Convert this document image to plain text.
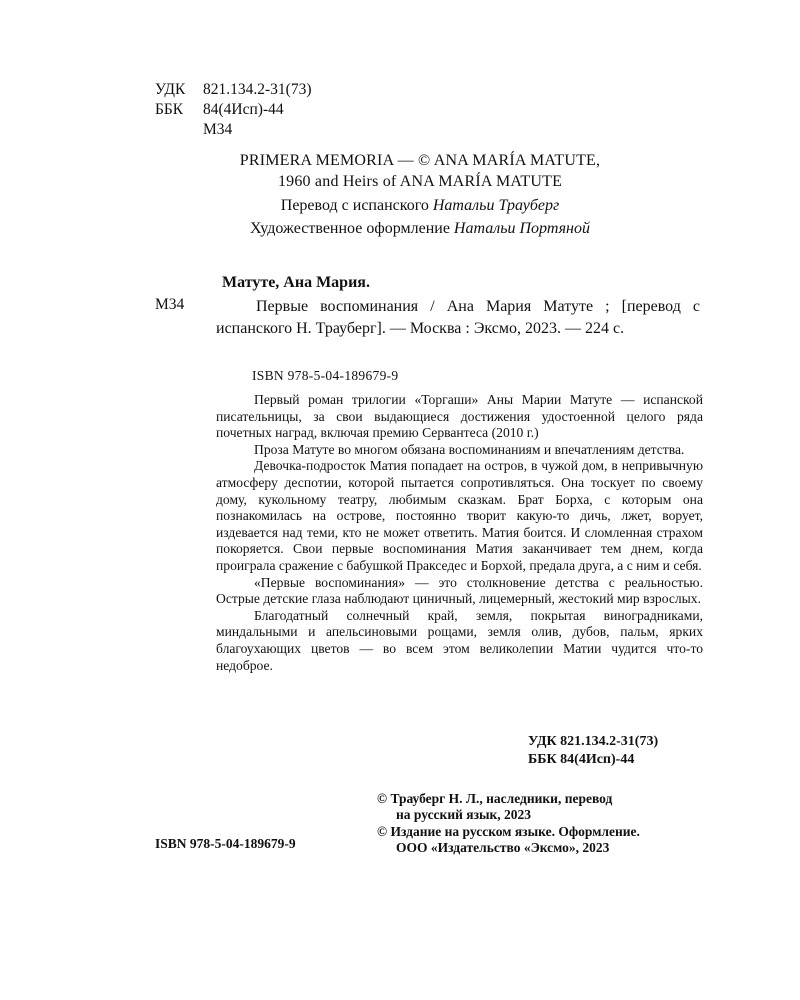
УДК	821.134.2-31(73)
ББК	84(4Исп)-44
М34
PRIMERA MEMORIA — © ANA MARÍA MATUTE,
1960 and Heirs of ANA MARÍA MATUTE
Перевод с испанского Натальи Трауберг
Художественное оформление Натальи Портяной
Матуте, Ана Мария.
М34	Первые воспоминания / Ана Мария Матуте ; [перевод с испанского Н. Трауберг]. — Москва : Эксмо, 2023. — 224 с.
ISBN 978-5-04-189679-9

Первый роман трилогии «Торгаши» Аны Марии Матуте — испанской писательницы, за свои выдающиеся достижения удостоенной целого ряда почетных наград, включая премию Сервантеса (2010 г.)

Проза Матуте во многом обязана воспоминаниям и впечатлениям детства.

Девочка-подросток Матия попадает на остров, в чужой дом, в непривычную атмосферу деспотии, которой пытается сопротивляться. Она тоскует по своему дому, кукольному театру, любимым сказкам. Брат Борха, с которым она познакомилась на острове, постоянно творит какую-то дичь, лжет, ворует, издевается над теми, кто не может ответить. Матия боится. И сломленная страхом покоряется. Свои первые воспоминания Матия заканчивает тем днем, когда проиграла сражение с бабушкой Пракседес и Борхой, предала друга, а с ним и себя.

«Первые воспоминания» — это столкновение детства с реальностью. Острые детские глаза наблюдают циничный, лицемерный, жестокий мир взрослых.

Благодатный солнечный край, земля, покрытая виноградниками, миндальными и апельсиновыми рощами, земля олив, дубов, пальм, ярких благоухающих цветов — во всем этом великолепии Матии чудится что-то недоброе.

УДК 821.134.2-31(73)
ББК 84(4Исп)-44
© Трауберг Н. Л., наследники, перевод
на русский язык, 2023
© Издание на русском языке. Оформление.
ООО «Издательство «Эксмо», 2023
ISBN 978-5-04-189679-9
